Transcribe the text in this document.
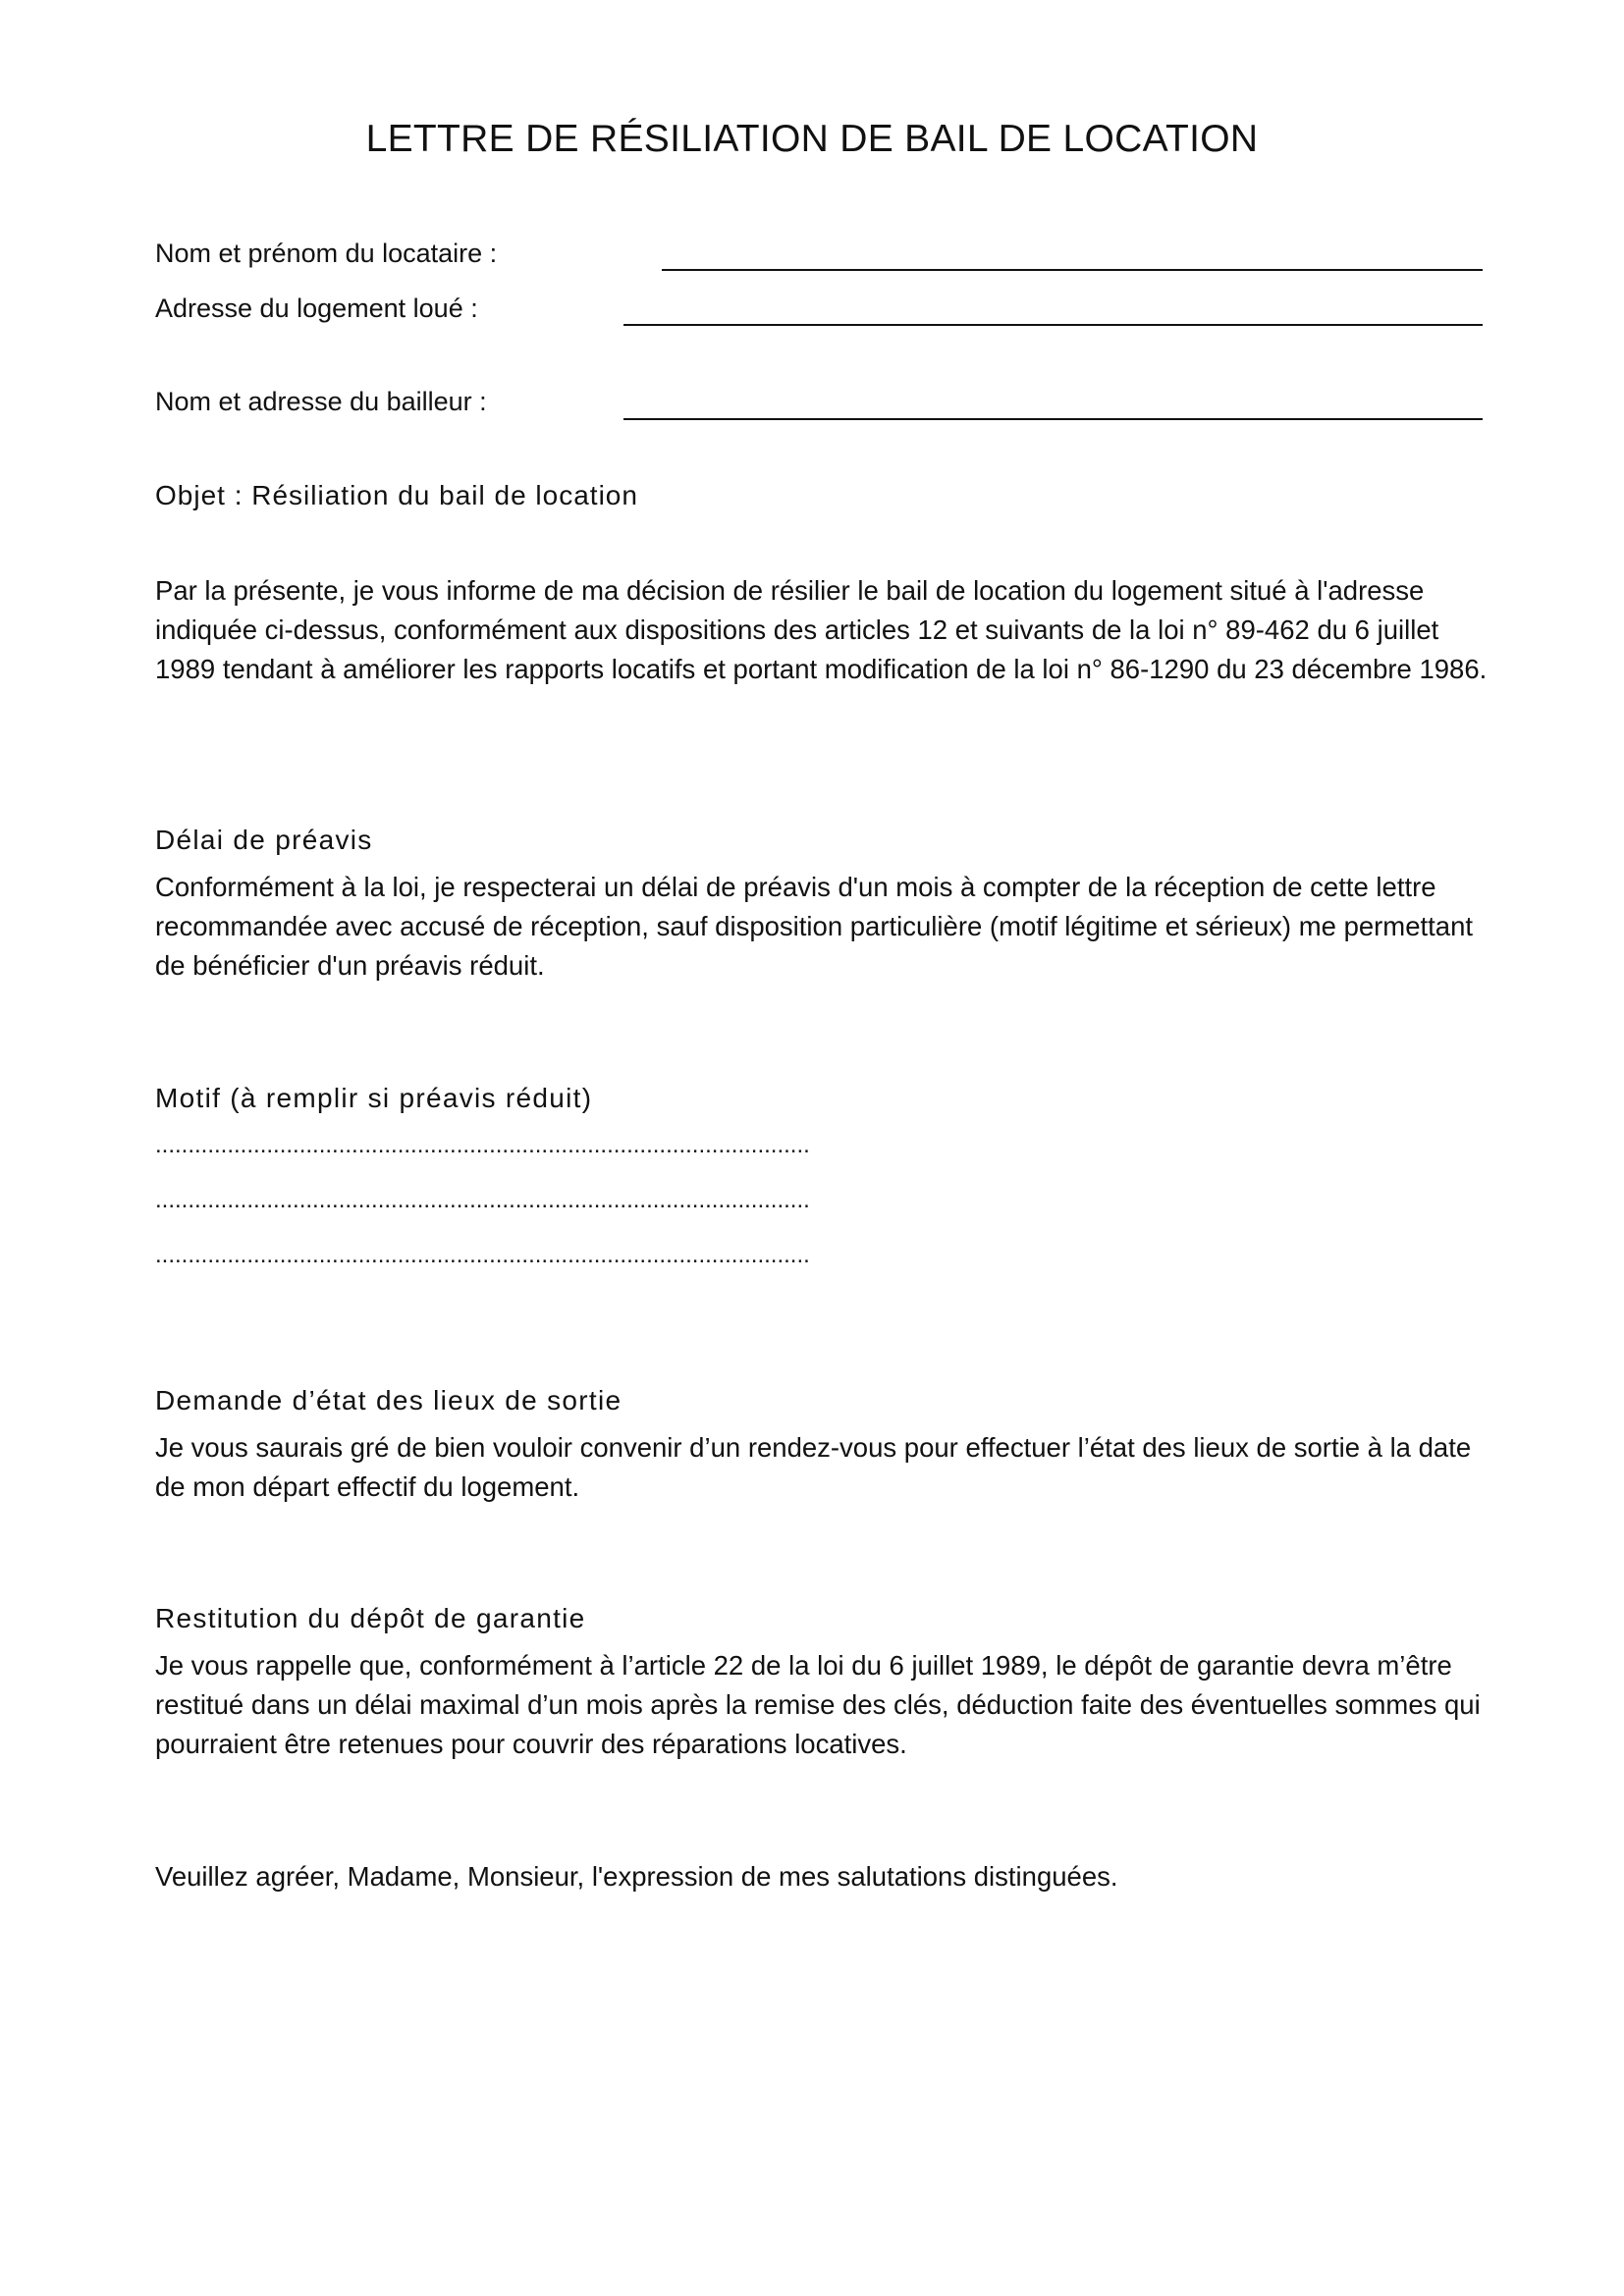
LETTRE DE RÉSILIATION DE BAIL DE LOCATION
Nom et prénom du locataire :
Adresse du logement loué :
Nom et adresse du bailleur :
Objet : Résiliation du bail de location
Par la présente, je vous informe de ma décision de résilier le bail de location du logement situé à l'adresse indiquée ci-dessus, conformément aux dispositions des articles 12 et suivants de la loi n° 89-462 du 6 juillet 1989 tendant à améliorer les rapports locatifs et portant modification de la loi n° 86-1290 du 23 décembre 1986.
Délai de préavis
Conformément à la loi, je respecterai un délai de préavis d'un mois à compter de la réception de cette lettre recommandée avec accusé de réception, sauf disposition particulière (motif légitime et sérieux) me permettant de bénéficier d'un préavis réduit.
Motif (à remplir si préavis réduit)
....................................................................................................
....................................................................................................
....................................................................................................
Demande d’état des lieux de sortie
Je vous saurais gré de bien vouloir convenir d’un rendez-vous pour effectuer l’état des lieux de sortie à la date de mon départ effectif du logement.
Restitution du dépôt de garantie
Je vous rappelle que, conformément à l’article 22 de la loi du 6 juillet 1989, le dépôt de garantie devra m’être restitué dans un délai maximal d’un mois après la remise des clés, déduction faite des éventuelles sommes qui pourraient être retenues pour couvrir des réparations locatives.
Veuillez agréer, Madame, Monsieur, l'expression de mes salutations distinguées.
